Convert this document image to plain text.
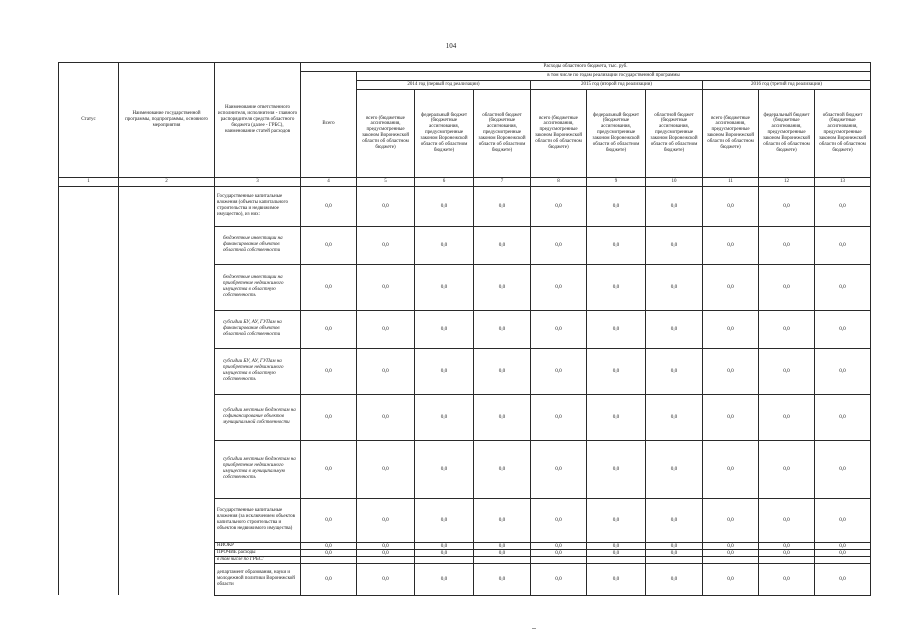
104
Статус	Наименование государственной программы, подпрограммы, основного мероприятия	Наименование ответственного исполнителя, исполнителя - главного распорядителя средств областного бюджета (далее - ГРБС), наименование статей расходов	Расходы областного бюджета, тыс. руб.									
			Всего	в том числе по годам реализации государственной программы								
				2014 год (первый год реализации)			2015 год (второй год реализации)			2016 год (третий год реализации)		
				всего (бюджетные ассигнования, предусмотренные законом Воронежской области об областном бюджете)	федеральный бюджет (бюджетные ассигнования, предусмотренные законом Воронежской области об областном бюджете)	областной бюджет (бюджетные ассигнования, предусмотренные законом Воронежской области об областном бюджете)	всего (бюджетные ассигнования, предусмотренные законом Воронежской области об областном бюджете)	федеральный бюджет (бюджетные ассигнования, предусмотренные законом Воронежской области об областном бюджете)	областной бюджет (бюджетные ассигнования, предусмотренные законом Воронежской области об областном бюджете)	всего (бюджетные ассигнования, предусмотренные законом Воронежской области об областном бюджете)	федеральный бюджет (бюджетные ассигнования, предусмотренные законом Воронежской области об областном бюджете)	областной бюджет (бюджетные ассигнования, предусмотренные законом Воронежской области об областном бюджете)
1	2	3	4	5	6	7	8	9	10	11	12	13
		Государственные капитальные вложения (объекты капитального строительства и недвижимое имущество), из них:	0,0	0,0	0,0	0,0	0,0	0,0	0,0	0,0	0,0	0,0
		бюджетные инвестиции на финансирование объектов областной собственности	0,0	0,0	0,0	0,0	0,0	0,0	0,0	0,0	0,0	0,0
		бюджетные инвестиции на приобретение недвижимого имущества в областную собственность	0,0	0,0	0,0	0,0	0,0	0,0	0,0	0,0	0,0	0,0
		субсидии БУ, АУ, ГУПам на финансирование объектов областной собственности	0,0	0,0	0,0	0,0	0,0	0,0	0,0	0,0	0,0	0,0
		субсидии БУ, АУ, ГУПам на приобретение недвижимого имущества в областную собственность	0,0	0,0	0,0	0,0	0,0	0,0	0,0	0,0	0,0	0,0
		субсидии местным бюджетам на софинансирование объектов муниципальной собственности	0,0	0,0	0,0	0,0	0,0	0,0	0,0	0,0	0,0	0,0
		субсидии местным бюджетам на приобретение недвижимого имущества в муниципальную собственность	0,0	0,0	0,0	0,0	0,0	0,0	0,0	0,0	0,0	0,0
		Государственные капитальные вложения (за исключением объектов капитального строительства и объектов недвижимого имущества)	0,0	0,0	0,0	0,0	0,0	0,0	0,0	0,0	0,0	0,0
		НИОКР	0,0	0,0	0,0	0,0	0,0	0,0	0,0	0,0	0,0	0,0
		ПРОЧИЕ расходы	0,0	0,0	0,0	0,0	0,0	0,0	0,0	0,0	0,0	0,0
		в том числе по ГРБС:										
		департамент образования, науки и молодежной политики Воронежской области	0,0	0,0	0,0	0,0	0,0	0,0	0,0	0,0	0,0	0,0
